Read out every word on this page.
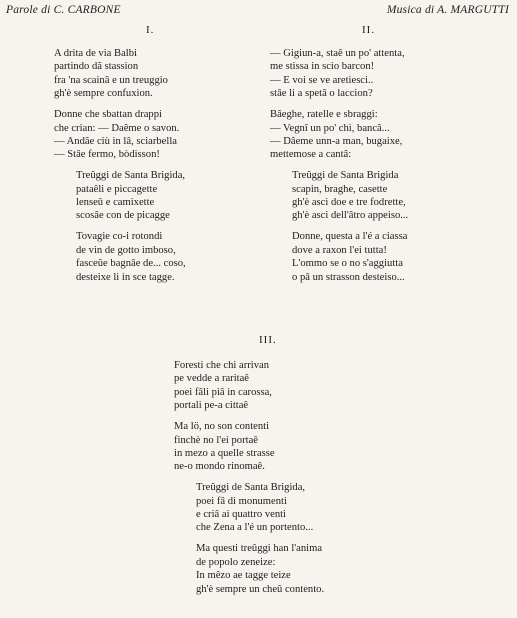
Parole di C. CARBONE	Musica di A. MARGUTTI
I.	II.
III.
A drita de via Balbi
partindo dã stassion
fra 'na scainâ e un treuggio
gh'è sempre confuxion.
Donne che sbattan drappi
che crian: — Daême o savon.
— Andãe ciù in lâ, sciarbella
— Stâe fermo, bòdisson!
Treûggi de Santa Brigida,
pataêli e piccagette
lenseû e camixette
scosâe con de picagge
Tovagie co-i rotondi
de vin de gotto imboso,
fasceûe bagnâe de... coso,
desteixe li in sce tagge.
— Gigiun-a, staê un po' attenta,
me stissa in scio barcon!
— E voi se ve aretiesci..
stâe li a spetâ o laccion?
Bâeghe, ratelle e sbraggi:
— Vegnî un po' chì, bancâ...
— Dâeme unn-a man, bugaixe,
mettemose a cantâ:
Treûggi de Santa Brigida
scapin, braghe, casette
gh'è asci doe e tre fodrette,
gh'è asci dell'âtro appeiso...
Donne, questa a l'é a ciassa
dove a raxon l'ei tutta!
L'ommo se o no s'aggiutta
o pâ un strasson desteiso...
Foresti che chi arrivan
pe vedde a raritaê
poei fâli piâ in carossa,
portali pe-a cittaê
Ma lö, no son contenti
finchè no l'ei portaê
in mezo a quelle strasse
ne-o mondo rinomaê.
Treûggi de Santa Brigida,
poei fâ di monumenti
e criâ ai quattro venti
che Zena a l'é un portento...
Ma questi treûggi han l'anima
de popolo zeneize:
In mêzo ae tagge teize
gh'è sempre un cheû contento.
